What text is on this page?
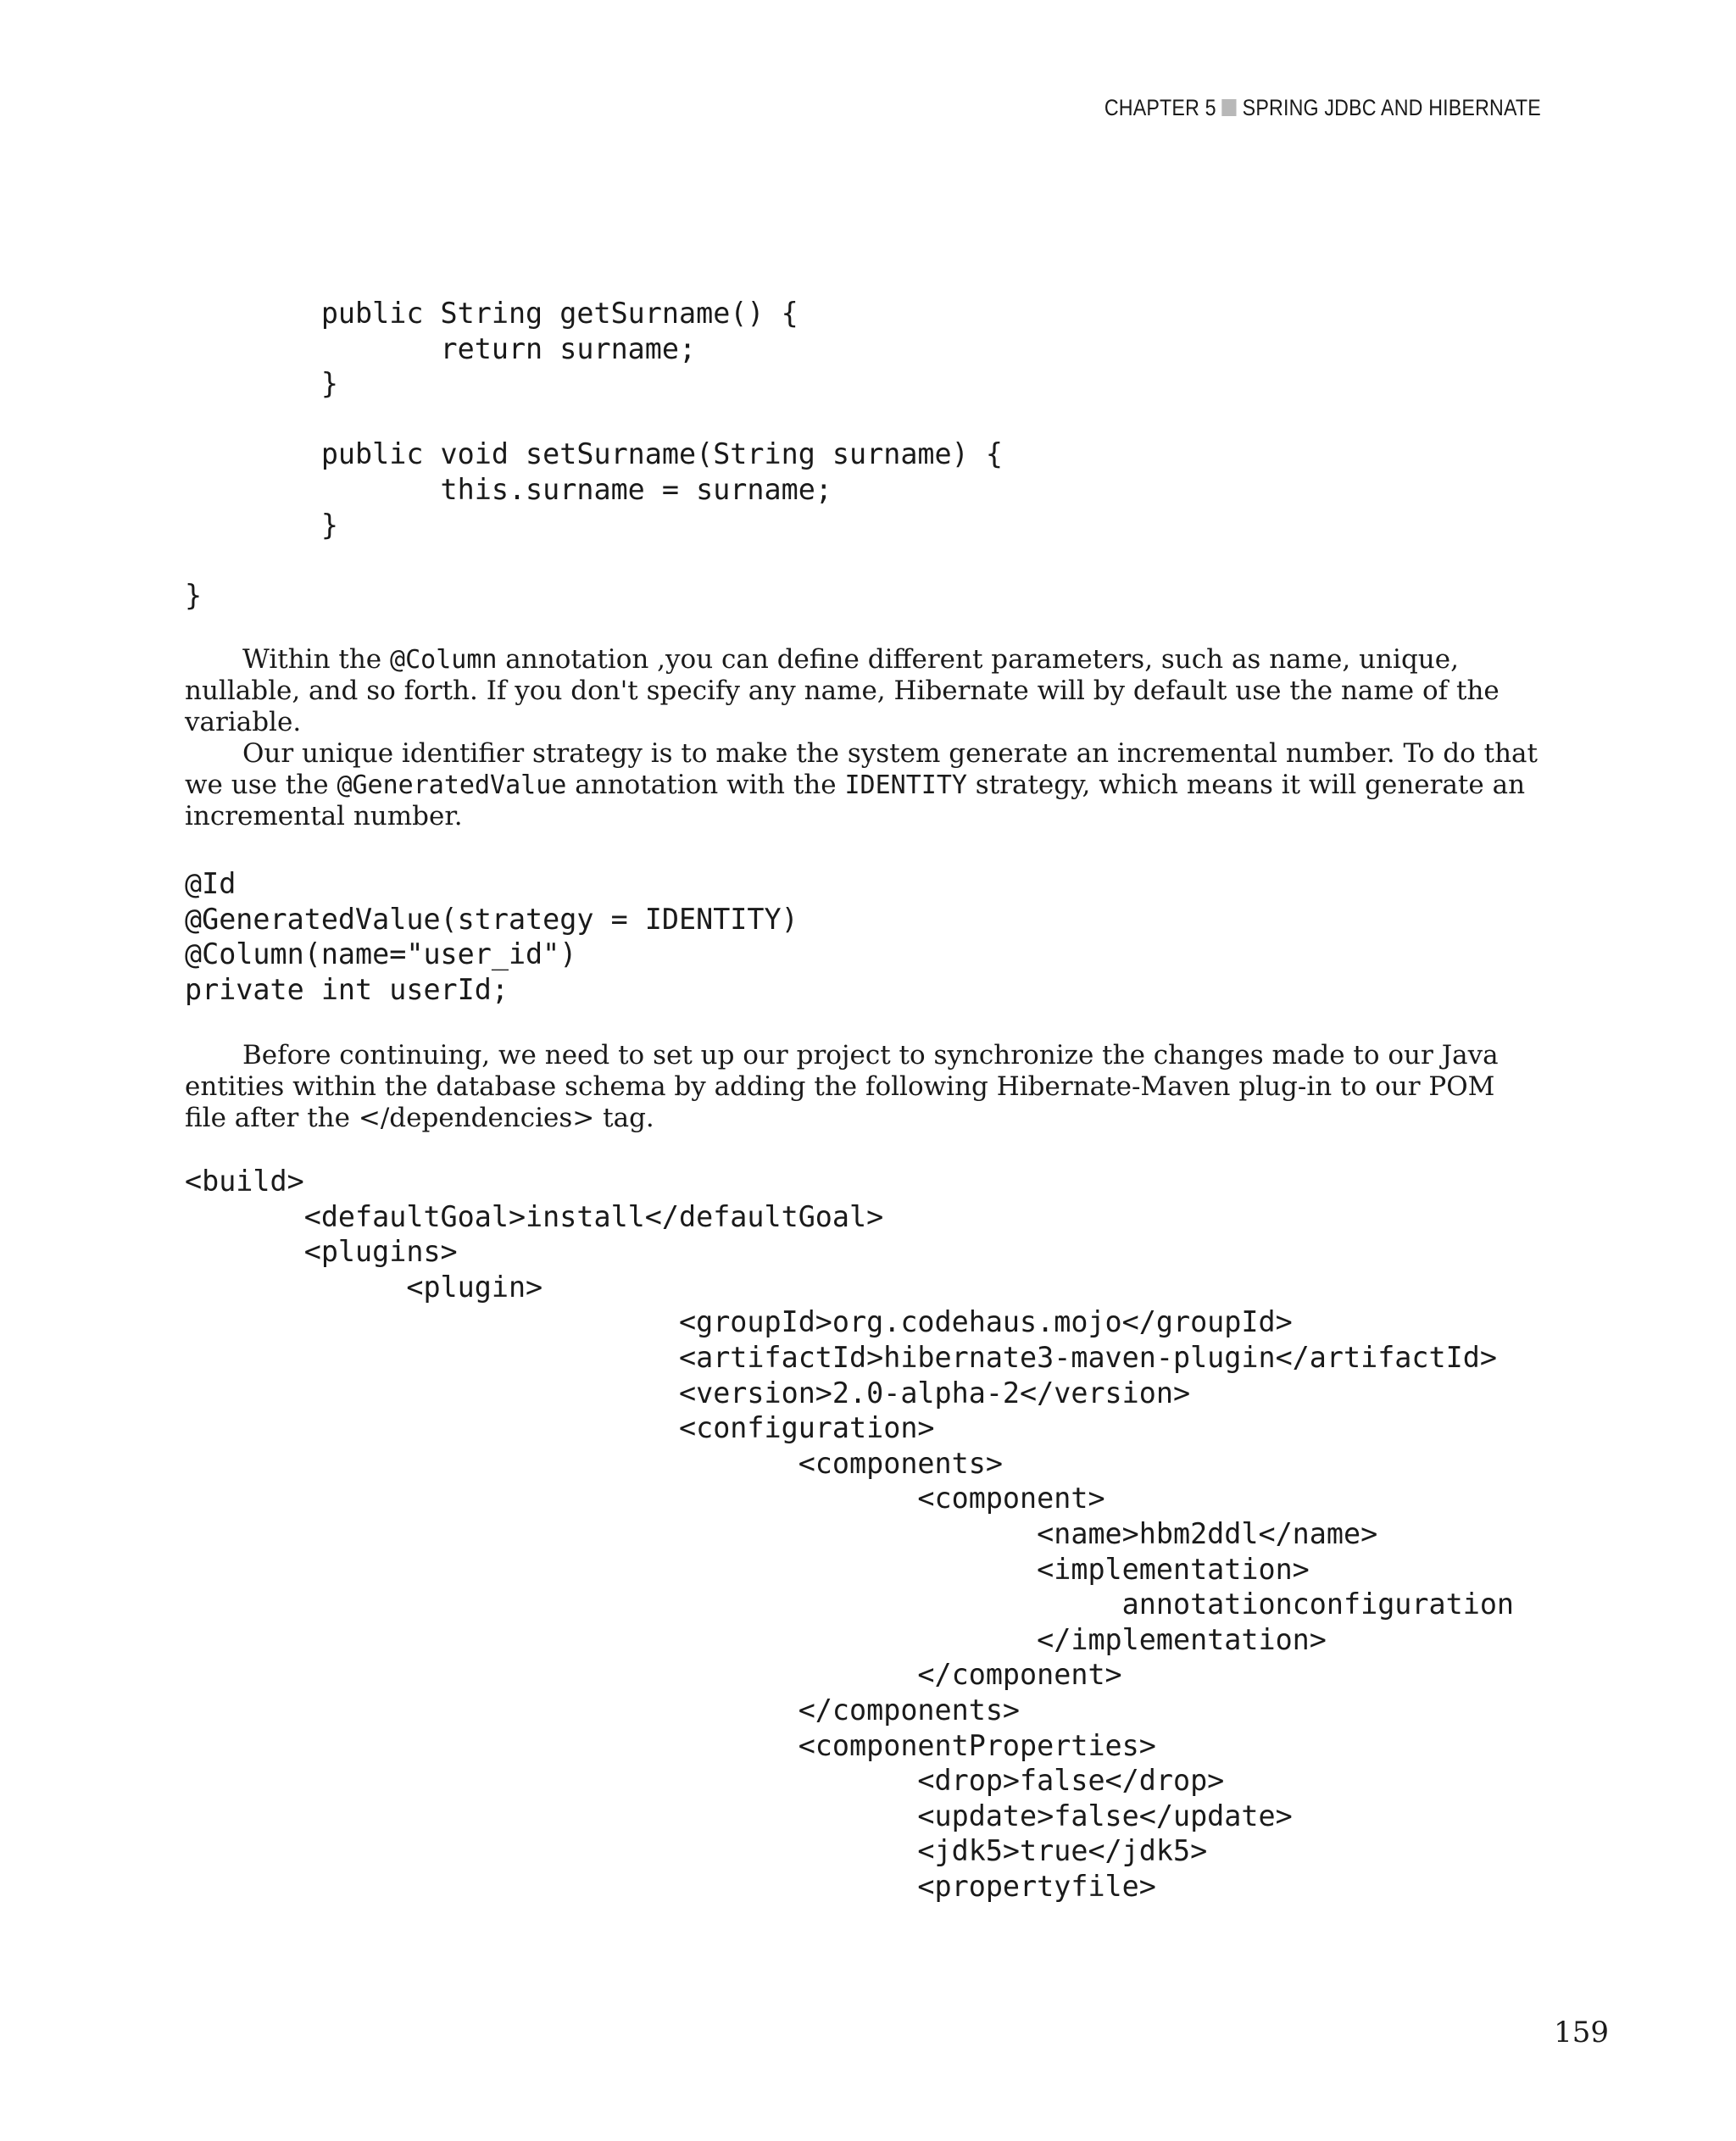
CHAPTER 5 SPRING JDBC AND HIBERNATE
public String getSurname() {
return surname;
}

public void setSurname(String surname) {
this.surname = surname;
}

}

Within the @Column annotation ,you can define different parameters, such as name, unique, nullable, and so forth. If you don't specify any name, Hibernate will by default use the name of the variable.

Our unique identifier strategy is to make the system generate an incremental number. To do that we use the @GeneratedValue annotation with the IDENTITY strategy, which means it will generate an incremental number.

@Id
@GeneratedValue(strategy = IDENTITY)
@Column(name="user_id")
private int userId;

Before continuing, we need to set up our project to synchronize the changes made to our Java entities within the database schema by adding the following Hibernate-Maven plug-in to our POM file after the </dependencies> tag.

<build>
<defaultGoal>install</defaultGoal>
<plugins>
<plugin>
<groupId>org.codehaus.mojo</groupId>
<artifactId>hibernate3-maven-plugin</artifactId>
<version>2.0-alpha-2</version>
<configuration>
<components>
<component>
<name>hbm2ddl</name>
<implementation>
annotationconfiguration
</implementation>
</component>
</components>
<componentProperties>
<drop>false</drop>
<update>false</update>
<jdk5>true</jdk5>
<propertyfile>
159
